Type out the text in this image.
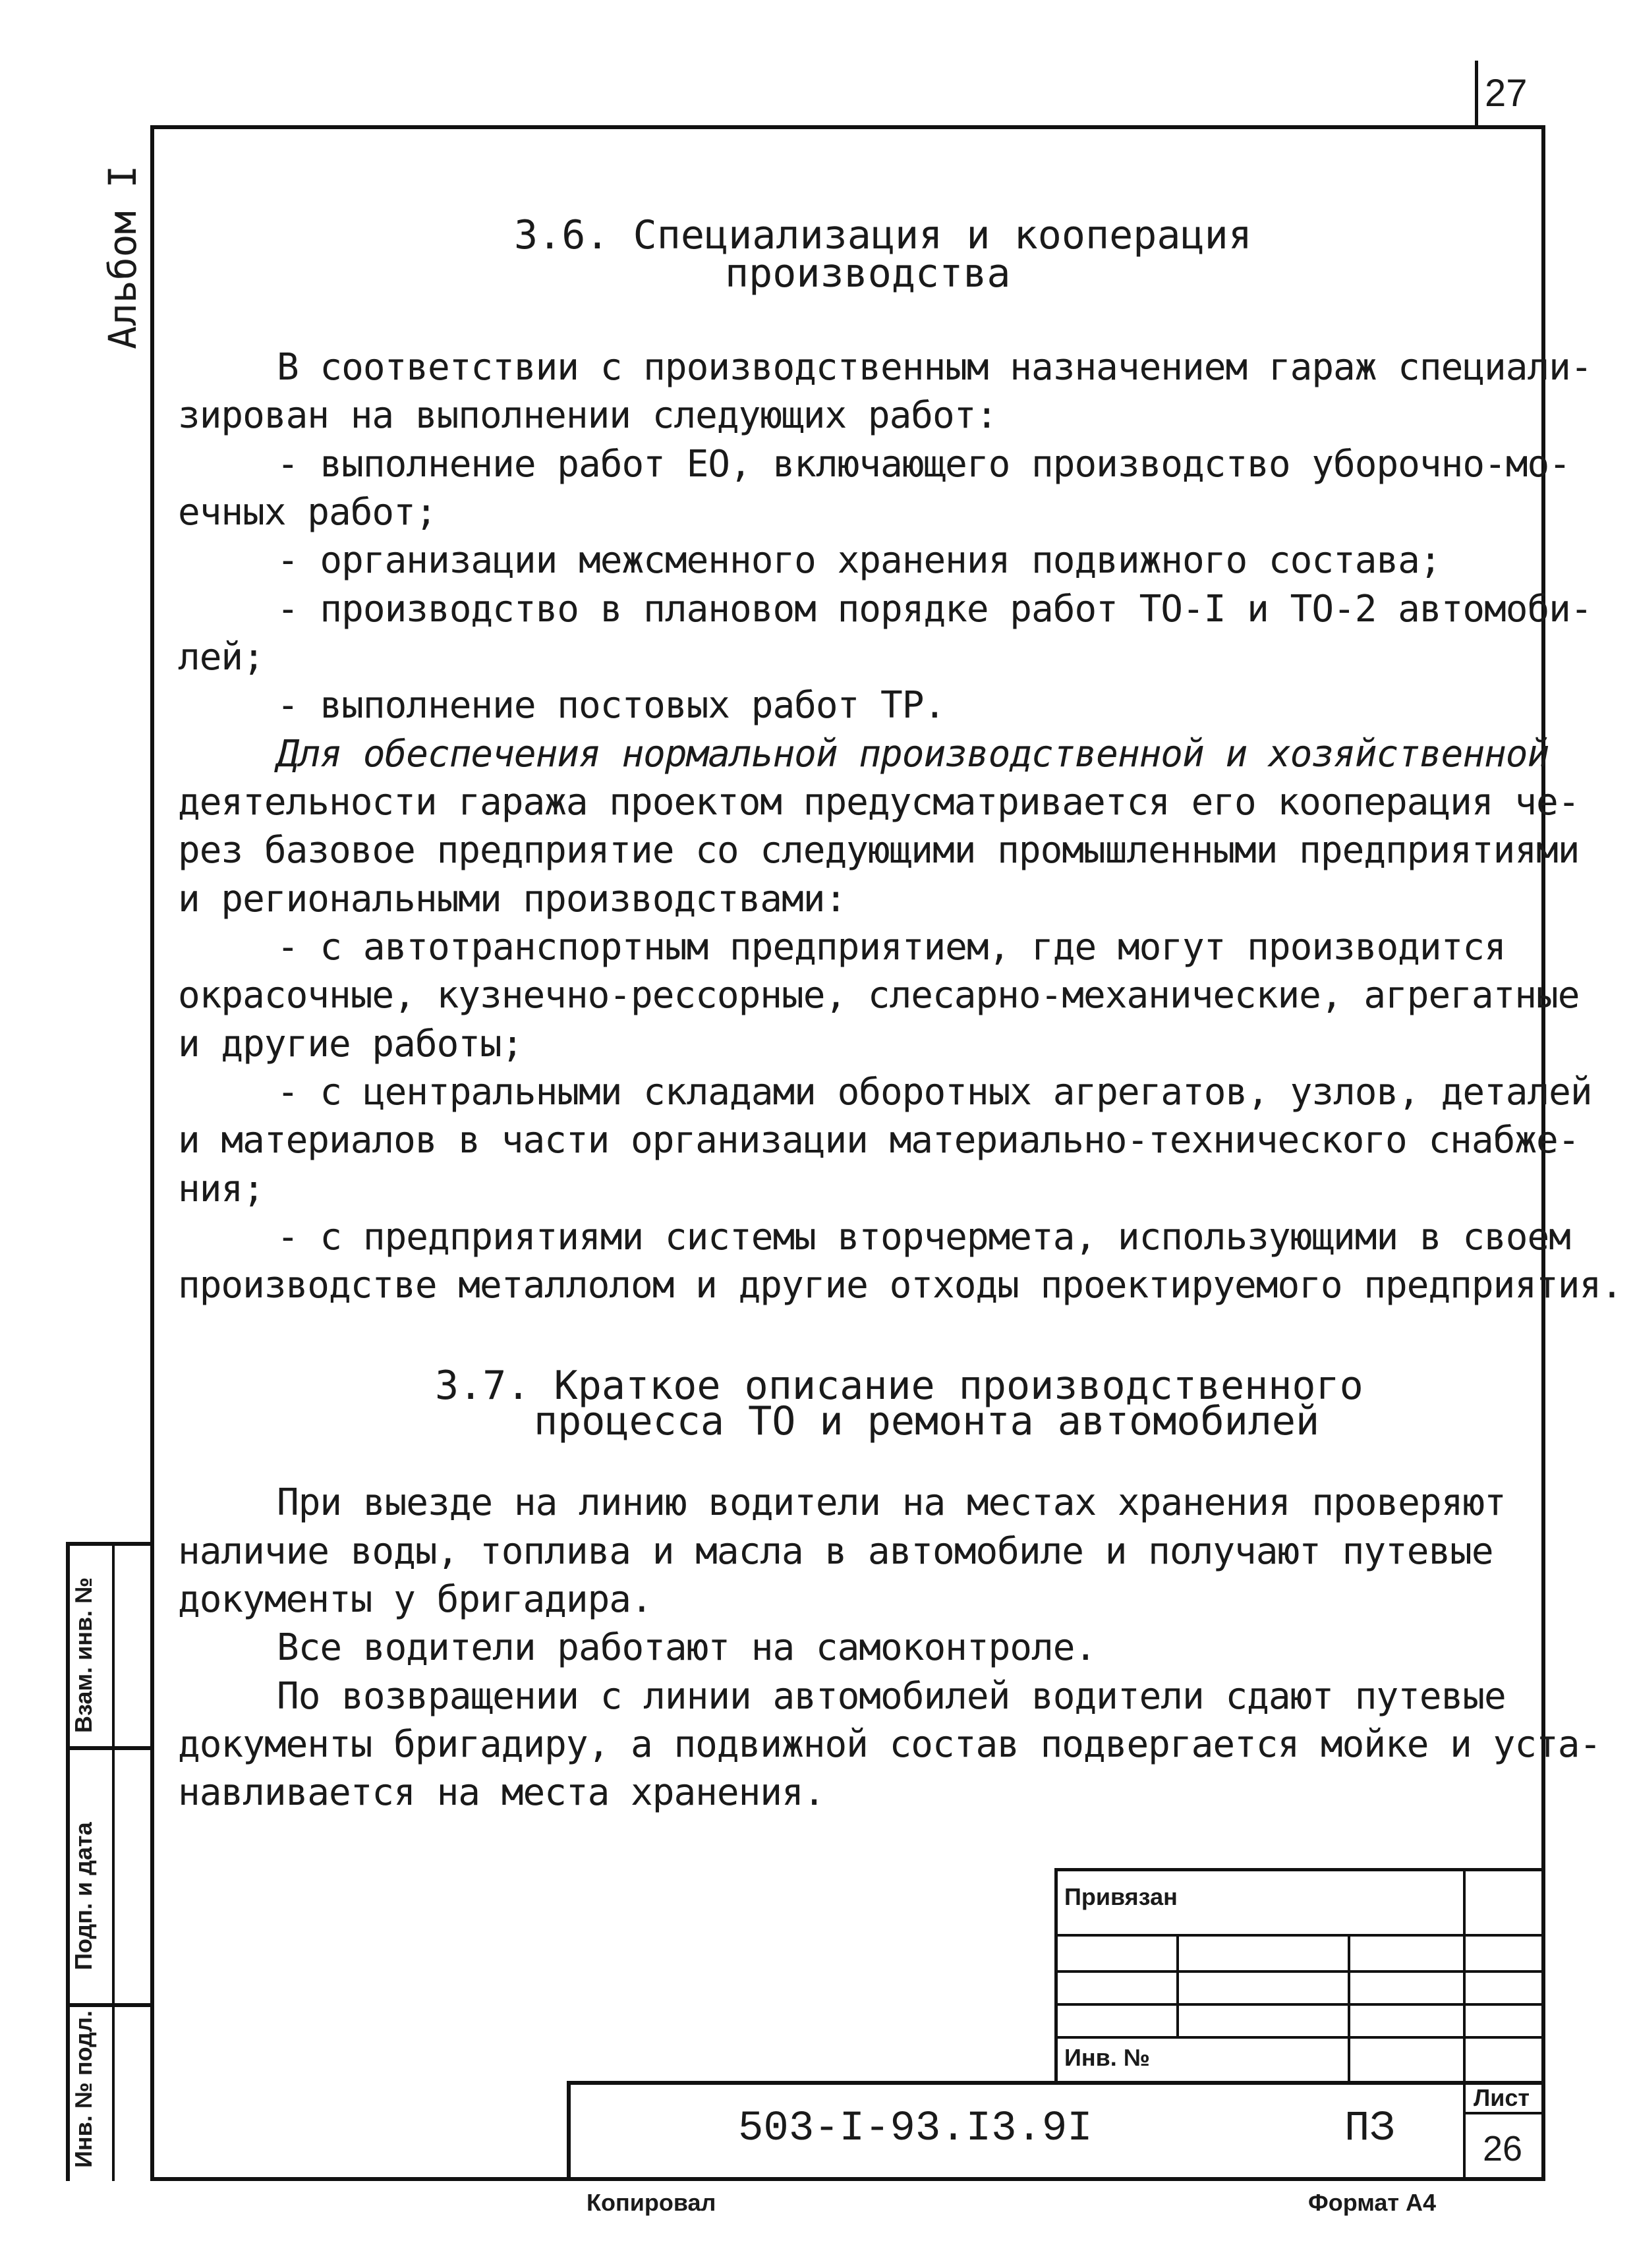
27
Альбом I	3.6. Специализация и кооперация
производства
В соответствии с производственным назначением гараж специали-
зирован на выполнении следующих работ:
- выполнение работ ЕО, включающего производство уборочно-мо-
ечных работ;
- организации межсменного хранения подвижного состава;
- производство в плановом порядке работ ТО-I и ТО-2 автомоби-
лей;
- выполнение постовых работ ТР.
Для обеспечения нормальной производственной и хозяйственной
деятельности гаража проектом предусматривается его кооперация че-
рез базовое предприятие со следующими промышленными предприятиями
и региональными производствами:
- с автотранспортным предприятием, где могут производится
окрасочные, кузнечно-рессорные, слесарно-механические, агрегатные
и другие работы;
- с центральными складами оборотных агрегатов, узлов, деталей
и материалов в части организации материально-технического снабже-
ния;
- с предприятиями системы вторчермета, использующими в своем
производстве металлолом и другие отходы проектируемого предприятия.
3.7. Краткое описание производственного
процесса ТО и ремонта автомобилей
При выезде на линию водители на местах хранения проверяют
наличие воды, топлива и масла в автомобиле и получают путевые
документы у бригадира.
Все водители работают на самоконтроле.
По возвращении с линии автомобилей водители сдают путевые
документы бригадиру, а подвижной состав подвергается мойке и уста-
навливается на места хранения.
Взам. инв. №
Подп. и дата
Инв. № подл.
Привязан
Инв. №
503-I-93.I3.9I	ПЗ
Лист
26
Копировал	Формат А4
